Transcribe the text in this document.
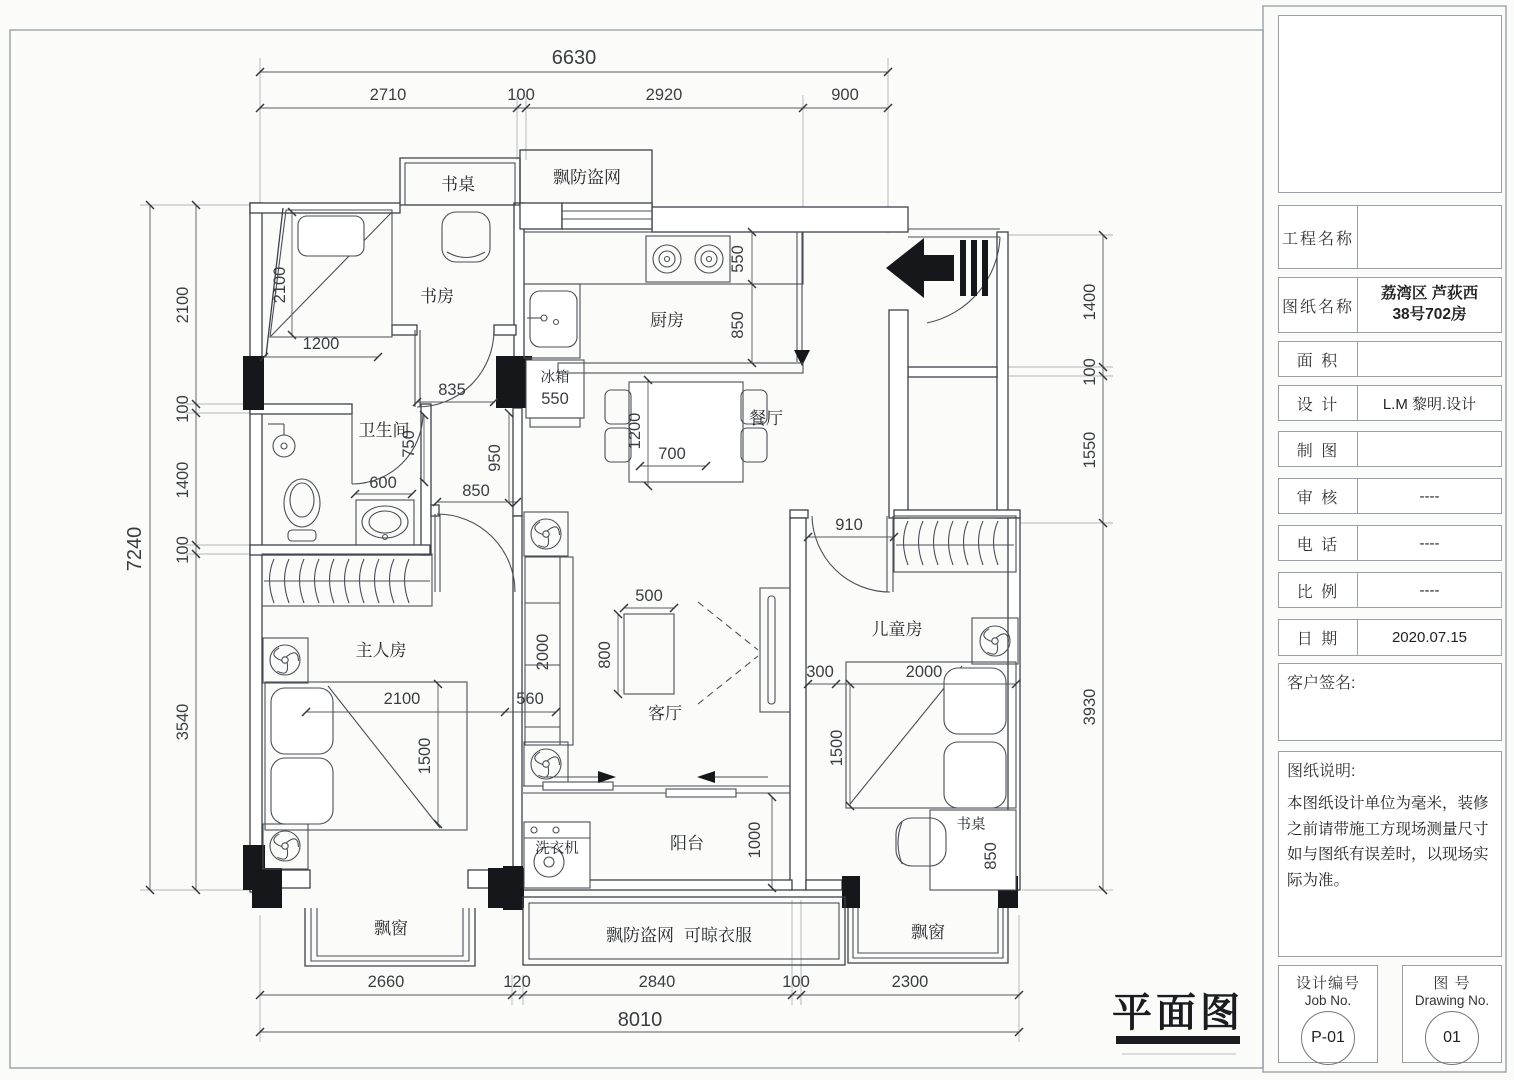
6630
2710	100	2920	900
2660	120	2840	100	2300
8010
7240
2100
100
1400
100
3540
1400
100
1550
3930
2100
1200
835
550
850
1200
700
750
600
950
850
2000
500
800
2100	560
1500
910
300	2000
1500
850
1000
书桌	飘防盗网
书房
厨房
冰箱
550
餐厅
卫生间
主人房
客厅
儿童房
书桌
洗衣机	阳台
飘防盗网 可晾衣服
飘窗	飘窗
平面图
工程名称
图纸名称
荔湾区 芦荻西
38号702房
面 积
设 计	L.M 黎明.设计
制 图
审 核	----
电 话	----
比 例	----
日 期	2020.07.15
客户签名:
图纸说明:
本图纸设计单位为毫米，装修之前请带施工方现场测量尺寸如与图纸有误差时，以现场实际为准。
设计编号
Job No.
P-01
图 号
Drawing No.
01
